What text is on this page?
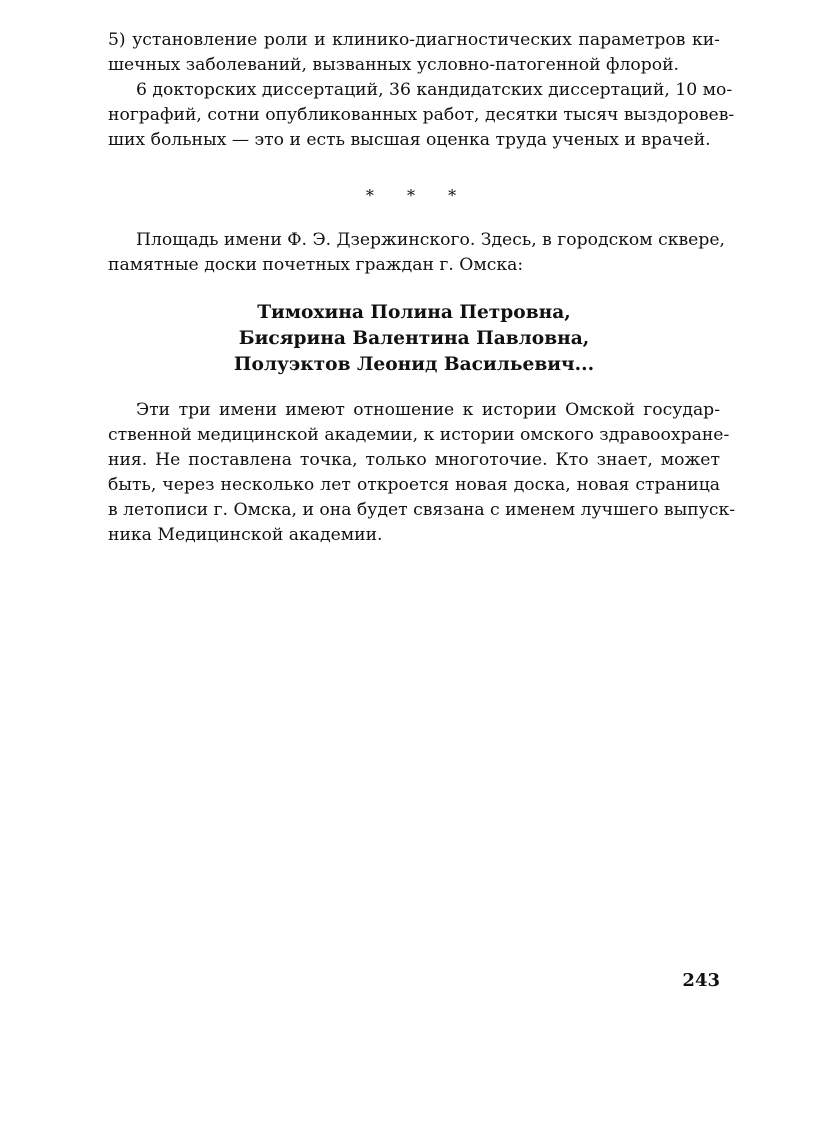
5) установление роли и клинико-диагностических параметров ки-
шечных заболеваний, вызванных условно-патогенной флорой.

6 докторских диссертаций, 36 кандидатских диссертаций, 10 мо-
нографий, сотни опубликованных работ, десятки тысяч выздоровев-
ших больных — это и есть высшая оценка труда ученых и врачей.

* * *

Площадь имени Ф. Э. Дзержинского. Здесь, в городском сквере,
памятные доски почетных граждан г. Омска:

Тимохина Полина Петровна,
Бисярина Валентина Павловна,
Полуэктов Леонид Васильевич...

Эти три имени имеют отношение к истории Омской государ-
ственной медицинской академии, к истории омского здравоохране-
ния. Не поставлена точка, только многоточие. Кто знает, может
быть, через несколько лет откроется новая доска, новая страница
в летописи г. Омска, и она будет связана с именем лучшего выпуск-
ника Медицинской академии.

243
